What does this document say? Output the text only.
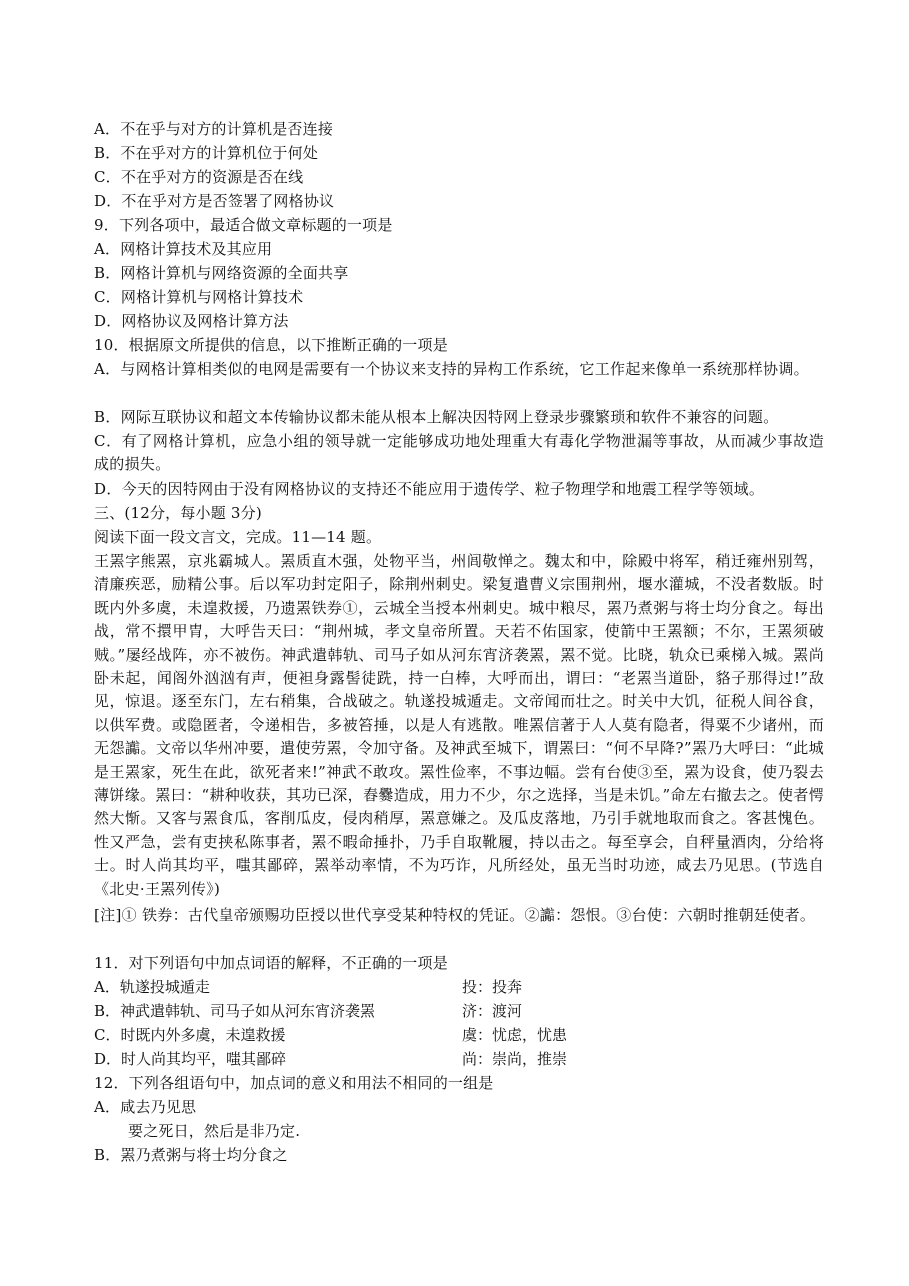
A．不在乎与对方的计算机是否连接
B．不在乎对方的计算机位于何处
C．不在乎对方的资源是否在线
D．不在乎对方是否签署了网格协议
9．下列各项中，最适合做文章标题的一项是
A．网格计算技术及其应用
B．网格计算机与网络资源的全面共享
C．网格计算机与网格计算技术
D．网格协议及网格计算方法
10．根据原文所提供的信息，以下推断正确的一项是
A．与网格计算相类似的电网是需要有一个协议来支持的异构工作系统，它工作起来像单一系统那样协调。
B．网际互联协议和超文本传输协议都未能从根本上解决因特网上登录步骤繁琐和软件不兼容的问题。
C．有了网格计算机，应急小组的领导就一定能够成功地处理重大有毒化学物泄漏等事故，从而减少事故造成的损失。
D．今天的因特网由于没有网格协议的支持还不能应用于遗传学、粒子物理学和地震工程学等领域。
三、(12分，每小题 3分)
阅读下面一段文言文，完成。11—14 题。
王罴字熊罴，京兆霸城人。罴质直木强，处物平当，州闾敬惮之。魏太和中，除殿中将军，稍迁雍州别驾，清廉疾恶，励精公事。后以军功封定阳子，除荆州刺史。梁复遣曹义宗围荆州，堰水灌城，不没者数版。时既内外多虞，未遑救援，乃遗罴铁券①，云城全当授本州刺史。城中粮尽，罴乃煮粥与将士均分食之。每出战，常不擐甲胄，大呼告天曰：“荆州城，孝文皇帝所置。天若不佑国家，使箭中王罴额；不尔，王罴须破贼。”屡经战阵，亦不被伤。神武遣韩轨、司马子如从河东宵济袭罴，罴不觉。比晓，轨众已乘梯入城。罴尚卧未起，闻阁外汹汹有声，便袒身露髻徒跣，持一白棒，大呼而出，谓曰：“老罴当道卧，貉子那得过!”敌见，惊退。逐至东门，左右稍集，合战破之。轨遂投城遁走。文帝闻而壮之。时关中大饥，征税人间谷食，以供军费。或隐匿者，令递相告，多被笞捶，以是人有逃散。唯罴信著于人人莫有隐者，得粟不少诸州，而无怨讟。文帝以华州冲要，遣使劳罴，令加守备。及神武至城下，谓罴曰：“何不早降?”罴乃大呼曰：“此城是王罴家，死生在此，欲死者来!”神武不敢攻。罴性俭率，不事边幅。尝有台使③至，罴为设食，使乃裂去薄饼缘。罴曰：“耕种收获，其功已深，舂爨造成，用力不少，尔之选择，当是未饥。”命左右撤去之。使者愕然大惭。又客与罴食瓜，客削瓜皮，侵肉稍厚，罴意嫌之。及瓜皮落地，乃引手就地取而食之。客甚愧色。性又严急，尝有吏挟私陈事者，罴不暇命捶扑，乃手自取靴履，持以击之。每至享会，自秤量酒肉，分给将士。时人尚其均平，嗤其鄙碎，罴举动率情，不为巧诈，凡所经处，虽无当时功迹，咸去乃见思。(节选自《北史·王罴列传》)
[注]① 铁券：古代皇帝颁赐功臣授以世代享受某种特权的凭证。②讟：怨恨。③台使：六朝时推朝廷使者。
11．对下列语句中加点词语的解释，不正确的一项是
A．轨遂投城遁走	投：投奔
B．神武遣韩轨、司马子如从河东宵济袭罴	济：渡河
C．时既内外多虞，未遑救援	虞：忧虑，忧患
D．时人尚其均平，嗤其鄙碎	尚：崇尚，推崇
12．下列各组语句中，加点词的意义和用法不相同的一组是
A．咸去乃见思
要之死日，然后是非乃定.
B．罴乃煮粥与将士均分食之
